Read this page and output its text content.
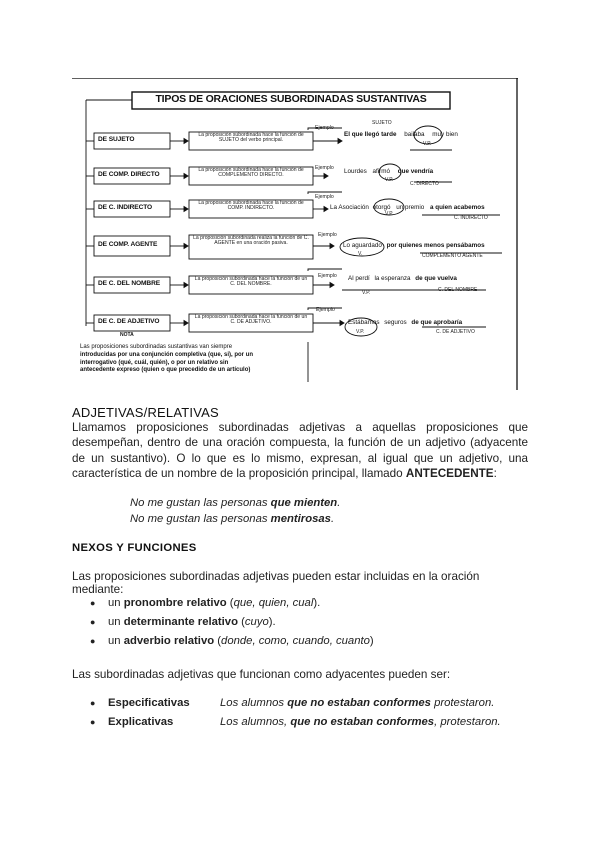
TIPOS DE ORACIONES SUBORDINADAS SUSTANTIVAS
DE SUJETO
La proposición subordinada hace la función de SUJETO del verbo principal.
Ejemplo
SUJETO
El que llegó tarde bailaba muy bien
V.P.
DE COMP. DIRECTO
La proposición subordinada hace la función de COMPLEMENTO DIRECTO.
Ejemplo Lourdes afirmó que vendría
V.P.
C. DIRECTO
DE C. INDIRECTO
La proposición subordinada hace la función de COMP. INDIRECTO.
Ejemplo
La Asociación otorgó un premio a quien acabemos
V.P.
C. INDIRECTO
DE COMP. AGENTE
La proposición subordinada realiza la función de C. AGENTE en una oración pasiva.
Ejemplo
Lo aguardado por quienes menos pensábamos
V.	COMPLEMENTO AGENTE
DE C. DEL NOMBRE
La proposición subordinada hace la función de un C. DEL NOMBRE.
Ejemplo Al perdí la esperanza de que vuelva
V.P.	C. DEL NOMBRE
DE C. DE ADJETIVO
La proposición subordinada hace la función de un C. DE ADJETIVO.
Ejemplo
Estábamos seguros de que aprobaría
V.P.	C. DE ADJETIVO
NOTA
Las proposiciones subordinadas sustantivas van siempre
introducidas por una conjunción completiva (que, si), por un
interrogativo (qué, cuál, quién), o por un relativo sin
antecedente expreso (quien o que precedido de un artículo)

ADJETIVAS/RELATIVAS

Llamamos proposiciones subordinadas adjetivas a aquellas proposiciones que desempeñan, dentro de una oración compuesta, la función de un adjetivo (adyacente de un sustantivo). O lo que es lo mismo, expresan, al igual que un adjetivo, una característica de un nombre de la proposición principal, llamado ANTECEDENTE:

No me gustan las personas que mienten.
No me gustan las personas mentirosas.
NEXOS Y FUNCIONES
Las proposiciones subordinadas adjetivas pueden estar incluidas en la oración mediante:
● un pronombre relativo (que, quien, cual).
● un determinante relativo (cuyo).
● un adverbio relativo (donde, como, cuando, cuanto)
Las subordinadas adjetivas que funcionan como adyacentes pueden ser:
● Especificativas	Los alumnos que no estaban conformes protestaron.
● Explicativas	Los alumnos, que no estaban conformes, protestaron.
